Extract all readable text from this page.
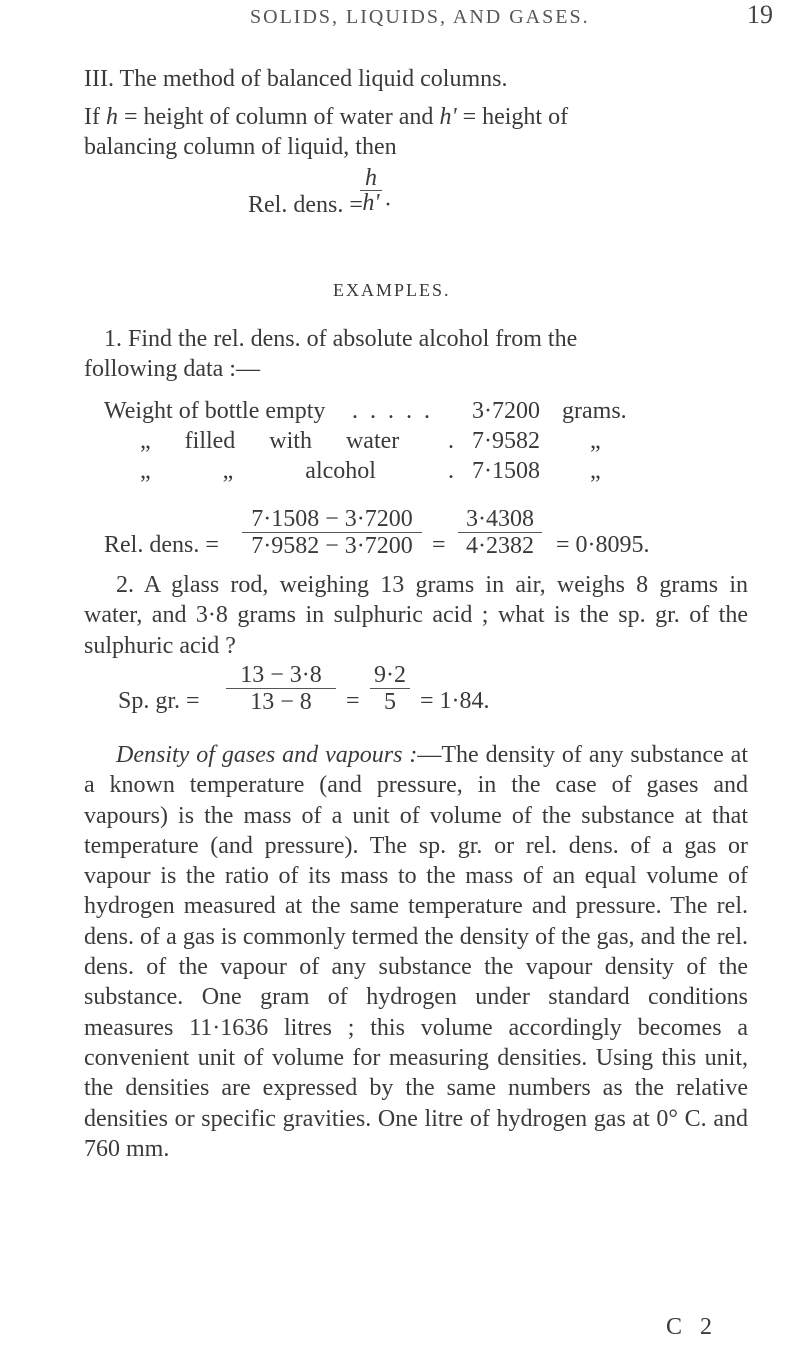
SOLIDS, LIQUIDS, AND GASES.	19
III. The method of balanced liquid columns.
If h = height of column of water and h' = height of
balancing column of liquid, then
Rel. dens. =
h
h' ·
EXAMPLES.
1. Find the rel. dens. of absolute alcohol from the
following data :—
Weight of bottle empty . . . . . 3·7200 grams.
„ filled with water . 7·9582 „
„ „ alcohol	. 7·1508 „
Rel. dens. =
7·1508 − 3·7200
7·9582 − 3·7200 =
3·4308
4·2382 = 0·8095.
2. A glass rod, weighing 13 grams in air, weighs 8 grams in water, and 3·8 grams in sulphuric acid ; what is the sp. gr. of the sulphuric acid ?
Sp. gr. =
13 − 3·8
13 − 8	=
9·2
5	= 1·84.
Density of gases and vapours :—The density of any substance at a known temperature (and pressure, in the case of gases and vapours) is the mass of a unit of volume of the substance at that temperature (and pressure). The sp. gr. or rel. dens. of a gas or vapour is the ratio of its mass to the mass of an equal volume of hydrogen measured at the same temperature and pressure. The rel. dens. of a gas is commonly termed the density of the gas, and the rel. dens. of the vapour of any substance the vapour density of the substance. One gram of hydrogen under standard conditions measures 11·1636 litres ; this volume accordingly becomes a convenient unit of volume for measuring densities. Using this unit, the densities are expressed by the same numbers as the relative densities or specific gravities. One litre of hydrogen gas at 0° C. and 760 mm.
C 2
